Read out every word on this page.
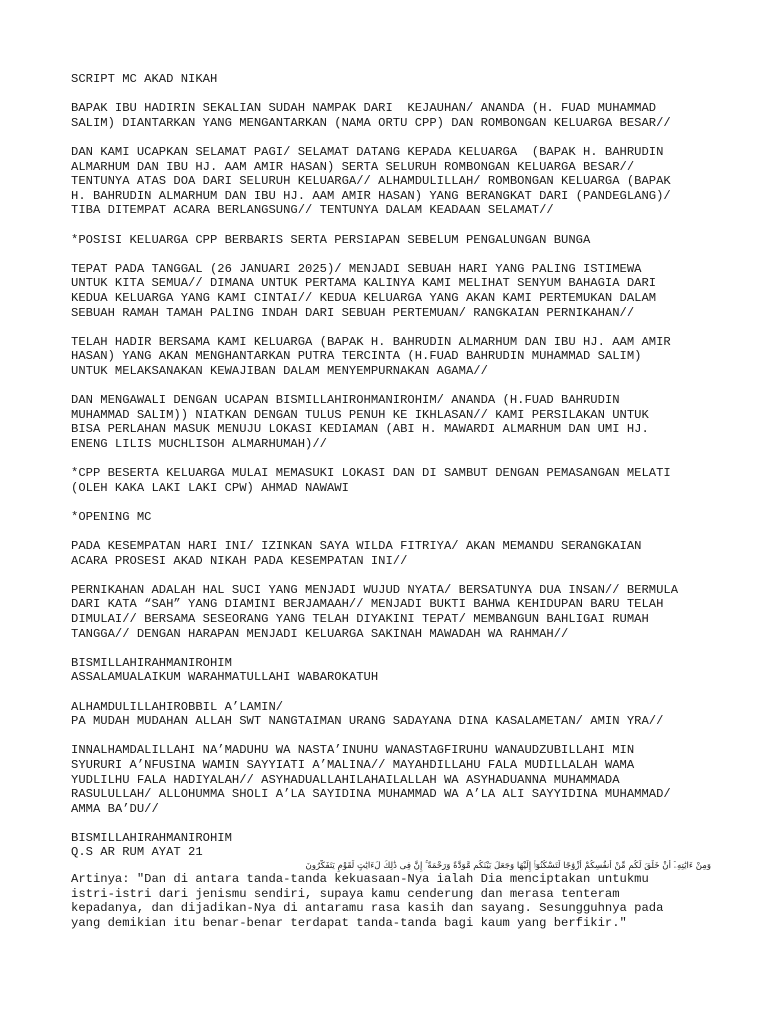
SCRIPT MC AKAD NIKAH

BAPAK IBU HADIRIN SEKALIAN SUDAH NAMPAK DARI  KEJAUHAN/ ANANDA (H. FUAD MUHAMMAD
SALIM) DIANTARKAN YANG MENGANTARKAN (NAMA ORTU CPP) DAN ROMBONGAN KELUARGA BESAR//

DAN KAMI UCAPKAN SELAMAT PAGI/ SELAMAT DATANG KEPADA KELUARGA  (BAPAK H. BAHRUDIN
ALMARHUM DAN IBU HJ. AAM AMIR HASAN) SERTA SELURUH ROMBONGAN KELUARGA BESAR//
TENTUNYA ATAS DOA DARI SELURUH KELUARGA// ALHAMDULILLAH/ ROMBONGAN KELUARGA (BAPAK
H. BAHRUDIN ALMARHUM DAN IBU HJ. AAM AMIR HASAN) YANG BERANGKAT DARI (PANDEGLANG)/
TIBA DITEMPAT ACARA BERLANGSUNG// TENTUNYA DALAM KEADAAN SELAMAT//

*POSISI KELUARGA CPP BERBARIS SERTA PERSIAPAN SEBELUM PENGALUNGAN BUNGA

TEPAT PADA TANGGAL (26 JANUARI 2025)/ MENJADI SEBUAH HARI YANG PALING ISTIMEWA
UNTUK KITA SEMUA// DIMANA UNTUK PERTAMA KALINYA KAMI MELIHAT SENYUM BAHAGIA DARI
KEDUA KELUARGA YANG KAMI CINTAI// KEDUA KELUARGA YANG AKAN KAMI PERTEMUKAN DALAM
SEBUAH RAMAH TAMAH PALING INDAH DARI SEBUAH PERTEMUAN/ RANGKAIAN PERNIKAHAN//

TELAH HADIR BERSAMA KAMI KELUARGA (BAPAK H. BAHRUDIN ALMARHUM DAN IBU HJ. AAM AMIR
HASAN) YANG AKAN MENGHANTARKAN PUTRA TERCINTA (H.FUAD BAHRUDIN MUHAMMAD SALIM)
UNTUK MELAKSANAKAN KEWAJIBAN DALAM MENYEMPURNAKAN AGAMA//

DAN MENGAWALI DENGAN UCAPAN BISMILLAHIROHMANIROHIM/ ANANDA (H.FUAD BAHRUDIN
MUHAMMAD SALIM)) NIATKAN DENGAN TULUS PENUH KE IKHLASAN// KAMI PERSILAKAN UNTUK
BISA PERLAHAN MASUK MENUJU LOKASI KEDIAMAN (ABI H. MAWARDI ALMARHUM DAN UMI HJ.
ENENG LILIS MUCHLISOH ALMARHUMAH)//

*CPP BESERTA KELUARGA MULAI MEMASUKI LOKASI DAN DI SAMBUT DENGAN PEMASANGAN MELATI
(OLEH KAKA LAKI LAKI CPW) AHMAD NAWAWI

*OPENING MC

PADA KESEMPATAN HARI INI/ IZINKAN SAYA WILDA FITRIYA/ AKAN MEMANDU SERANGKAIAN
ACARA PROSESI AKAD NIKAH PADA KESEMPATAN INI//

PERNIKAHAN ADALAH HAL SUCI YANG MENJADI WUJUD NYATA/ BERSATUNYA DUA INSAN// BERMULA
DARI KATA “SAH” YANG DIAMINI BERJAMAAH// MENJADI BUKTI BAHWA KEHIDUPAN BARU TELAH
DIMULAI// BERSAMA SESEORANG YANG TELAH DIYAKINI TEPAT/ MEMBANGUN BAHLIGAI RUMAH
TANGGA// DENGAN HARAPAN MENJADI KELUARGA SAKINAH MAWADAH WA RAHMAH//

BISMILLAHIRAHMANIROHIM
ASSALAMUALAIKUM WARAHMATULLAHI WABAROKATUH

ALHAMDULILLAHIROBBIL A’LAMIN/
PA MUDAH MUDAHAN ALLAH SWT NANGTAIMAN URANG SADAYANA DINA KASALAMETAN/ AMIN YRA//

INNALHAMDALILLAHI NA’MADUHU WA NASTA’INUHU WANASTAGFIRUHU WANAUDZUBILLAHI MIN
SYURURI A’NFUSINA WAMIN SAYYIATI A’MALINA// MAYAHDILLAHU FALA MUDILLALAH WAMA
YUDLILHU FALA HADIYALAH// ASYHADUALLAHILAHAILALLAH WA ASYHADUANNA MUHAMMADA
RASULULLAH/ ALLOHUMMA SHOLI A’LA SAYIDINA MUHAMMAD WA A’LA ALI SAYYIDINA MUHAMMAD/
AMMA BA’DU//

BISMILLAHIRAHMANIROHIM
Q.S AR RUM AYAT 21
وَمِنْ ءَايَٰتِهِۦٓ أَنْ خَلَقَ لَكُم مِّنْ أَنفُسِكُمْ أَزْوَٰجًا لِّتَسْكُنُوٓا۟ إِلَيْهَا وَجَعَلَ بَيْنَكُم مَّوَدَّةً وَرَحْمَةً ۚ إِنَّ فِى ذَٰلِكَ لَءَايَٰتٍ لِّقَوْمٍ يَتَفَكَّرُونَ
Artinya: "Dan di antara tanda-tanda kekuasaan-Nya ialah Dia menciptakan untukmu
istri-istri dari jenismu sendiri, supaya kamu cenderung dan merasa tenteram
kepadanya, dan dijadikan-Nya di antaramu rasa kasih dan sayang. Sesungguhnya pada
yang demikian itu benar-benar terdapat tanda-tanda bagi kaum yang berfikir."
